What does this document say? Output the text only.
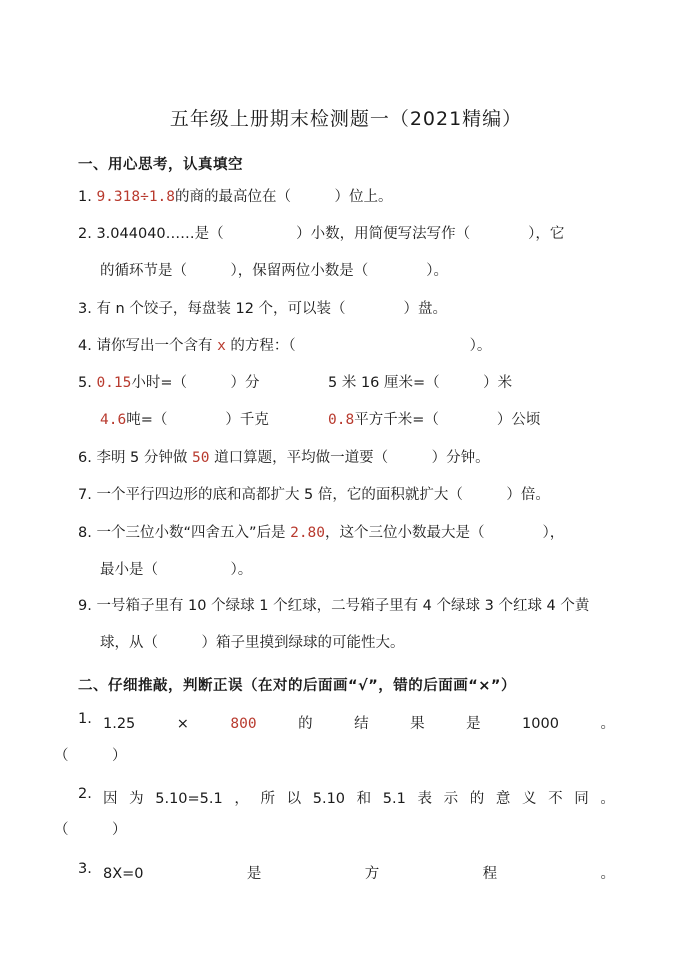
五年级上册期末检测题一（2021精编）
一、用心思考，认真填空
1. 9.318÷1.8的商的最高位在（　　　）位上。
2. 3.044040……是（　　　　　）小数，用简便写法写作（　　　　），它
的循环节是（　　　），保留两位小数是（　　　　）。
3. 有 n 个饺子，每盘装 12 个，可以装（　　　　）盘。
4. 请你写出一个含有 x 的方程：（　　　　　　　　　　　　）。
5. 0.15小时=（　　　）分	5 米 16 厘米=（　　　）米
4.6吨=（　　　　）千克	0.8平方千米=（　　　　）公顷
6. 李明 5 分钟做 50 道口算题，平均做一道要（　　　）分钟。
7. 一个平行四边形的底和高都扩大 5 倍，它的面积就扩大（　　　）倍。
8. 一个三位小数“四舍五入”后是 2.80，这个三位小数最大是（　　　　），
最小是（　　　　　）。
9. 一号箱子里有 10 个绿球 1 个红球，二号箱子里有 4 个绿球 3 个红球 4 个黄
球，从（　　　）箱子里摸到绿球的可能性大。
二、仔细推敲，判断正误（在对的后面画“√”，错的后面画“×”）
1. 1.25	×	800	的	结	果	是	1000	。
（　　　）
2. 因 为 5.10=5.1 ， 所 以 5.10 和 5.1 表 示 的 意 义 不 同 。
（　　　）
3. 8X=0	是	方	程	。
